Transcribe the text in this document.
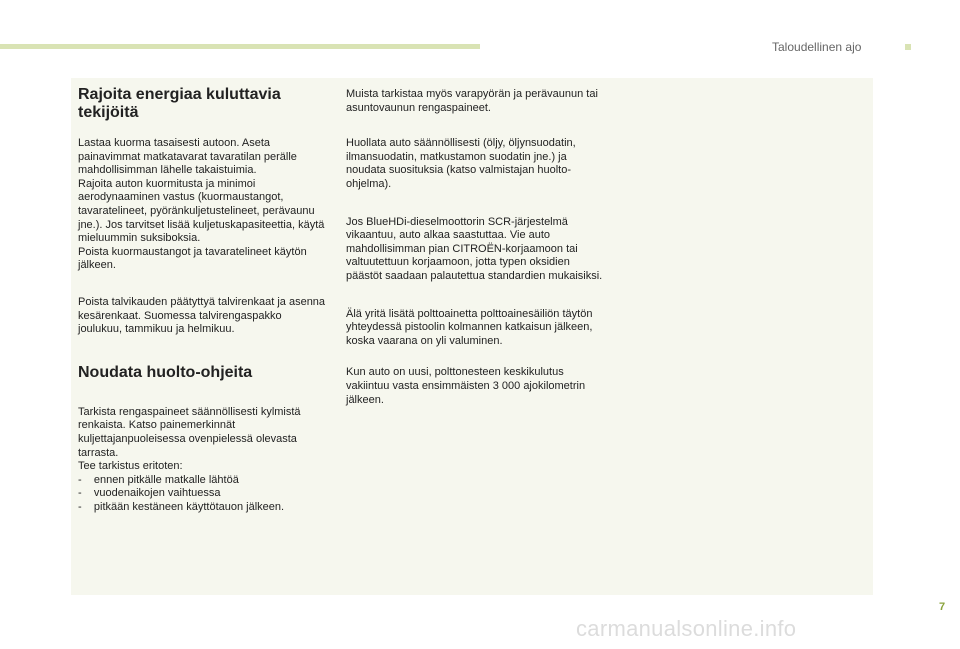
Taloudellinen ajo
Rajoita energiaa kuluttavia tekijöitä

Lastaa kuorma tasaisesti autoon. Aseta painavimmat matkatavarat tavaratilan perälle mahdollisimman lähelle takaistuimia.
Rajoita auton kuormitusta ja minimoi aerodynaaminen vastus (kuormaustangot, tavaratelineet, pyöränkuljetustelineet, perävaunu jne.). Jos tarvitset lisää kuljetuskapasiteettia, käytä mieluummin suksiboksia.
Poista kuormaustangot ja tavaratelineet käytön jälkeen.

Poista talvikauden päätyttyä talvirenkaat ja asenna kesärenkaat. Suomessa talvirengaspakko joulukuu, tammikuu ja helmikuu.

Noudata huolto-ohjeita

Tarkista rengaspaineet säännöllisesti kylmistä renkaista. Katso painemerkinnät kuljettajanpuoleisessa ovenpielessä olevasta tarrasta.
Tee tarkistus eritoten:
-    ennen pitkälle matkalle lähtöä
-    vuodenaikojen vaihtuessa
-    pitkään kestäneen käyttötauon jälkeen.

Muista tarkistaa myös varapyörän ja perävaunun tai asuntovaunun rengaspaineet.

Huollata auto säännöllisesti (öljy, öljynsuodatin, ilmansuodatin, matkustamon suodatin jne.) ja noudata suosituksia (katso valmistajan huolto-ohjelma).

Jos BlueHDi-dieselmoottorin SCR-järjestelmä vikaantuu, auto alkaa saastuttaa. Vie auto mahdollisimman pian CITROËN-korjaamoon tai valtuutettuun korjaamoon, jotta typen oksidien päästöt saadaan palautettua standardien mukaisiksi.

Älä yritä lisätä polttoainetta polttoainesäiliön täytön yhteydessä pistoolin kolmannen katkaisun jälkeen, koska vaarana on yli valuminen.

Kun auto on uusi, polttonesteen keskikulutus vakiintuu vasta ensimmäisten 3 000 ajokilometrin jälkeen.

7
carmanualsonline.info
